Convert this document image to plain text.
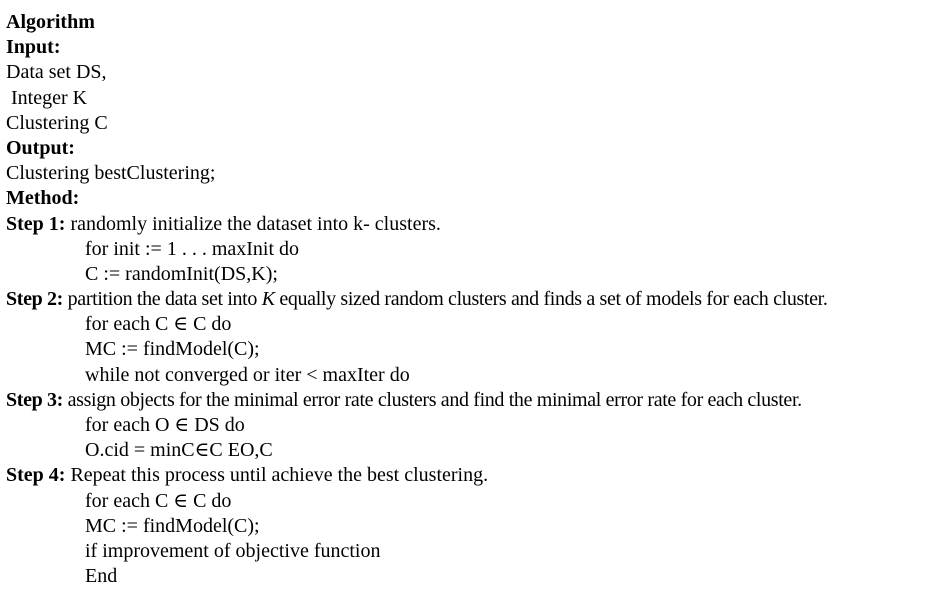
Algorithm
Input:
Data set DS,
Integer K
Clustering C
Output:
Clustering bestClustering;
Method:
Step 1: randomly initialize the dataset into k- clusters.
for init := 1 . . . maxInit do
C := randomInit(DS,K);
Step 2: partition the data set into K equally sized random clusters and finds a set of models for each cluster.
for each C ∈ C do
MC := findModel(C);
while not converged or iter < maxIter do
Step 3: assign objects for the minimal error rate clusters and find the minimal error rate for each cluster.
for each O ∈ DS do
O.cid = minC∈C EO,C
Step 4: Repeat this process until achieve the best clustering.
for each C ∈ C do
MC := findModel(C);
if improvement of objective function
End
